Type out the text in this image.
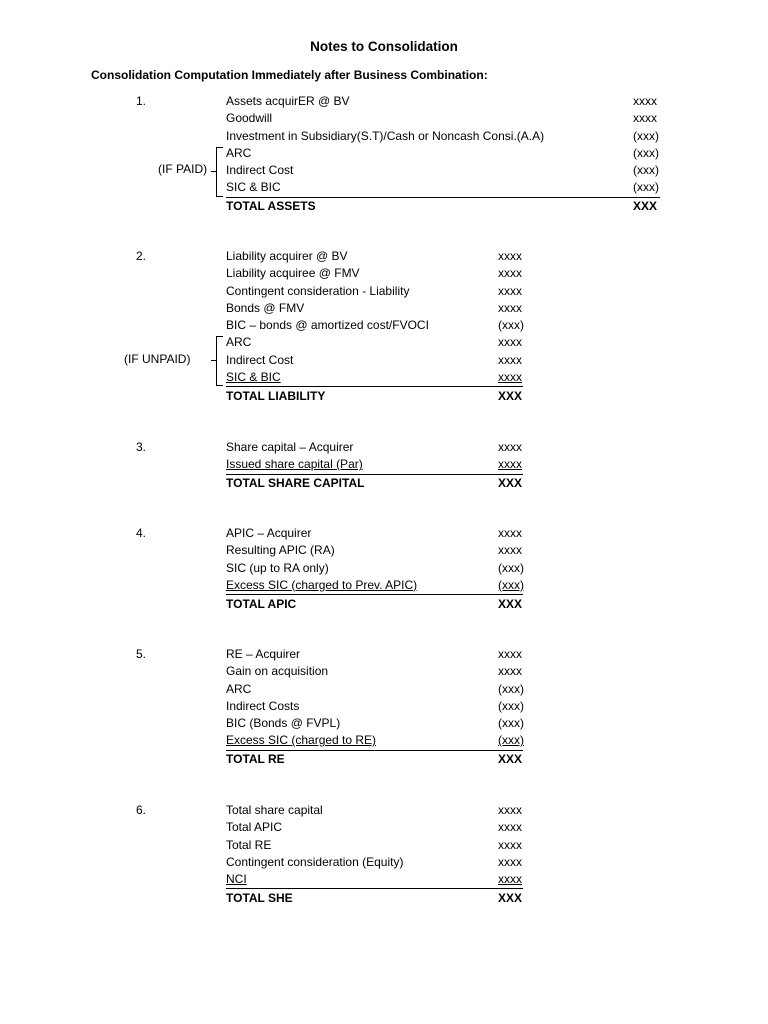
Notes to Consolidation
Consolidation Computation Immediately after Business Combination:
1.	Assets acquirER @ BV	xxxx
Goodwill	xxxx
Investment in Subsidiary(S.T)/Cash or Noncash Consi.(A.A)	(xxx)
ARC	(xxx)
Indirect Cost	(xxx)
SIC & BIC	(xxx)
TOTAL ASSETS	XXX
(IF PAID)
2.	Liability acquirer @ BV	xxxx
Liability acquiree @ FMV	xxxx
Contingent consideration - Liability	xxxx
Bonds @ FMV	xxxx
BIC – bonds @ amortized cost/FVOCI	(xxx)
ARC	xxxx
Indirect Cost	xxxx
SIC & BIC	xxxx
TOTAL LIABILITY	XXX
(IF UNPAID)
3.	Share capital – Acquirer	xxxx
Issued share capital (Par)	xxxx
TOTAL SHARE CAPITAL	XXX
4.	APIC – Acquirer	xxxx
Resulting APIC (RA)	xxxx
SIC (up to RA only)	(xxx)
Excess SIC (charged to Prev. APIC)	(xxx)
TOTAL APIC	XXX
5.	RE – Acquirer	xxxx
Gain on acquisition	xxxx
ARC	(xxx)
Indirect Costs	(xxx)
BIC (Bonds @ FVPL)	(xxx)
Excess SIC (charged to RE)	(xxx)
TOTAL RE	XXX
6.	Total share capital	xxxx
Total APIC	xxxx
Total RE	xxxx
Contingent consideration (Equity)	xxxx
NCI	xxxx
TOTAL SHE	XXX
